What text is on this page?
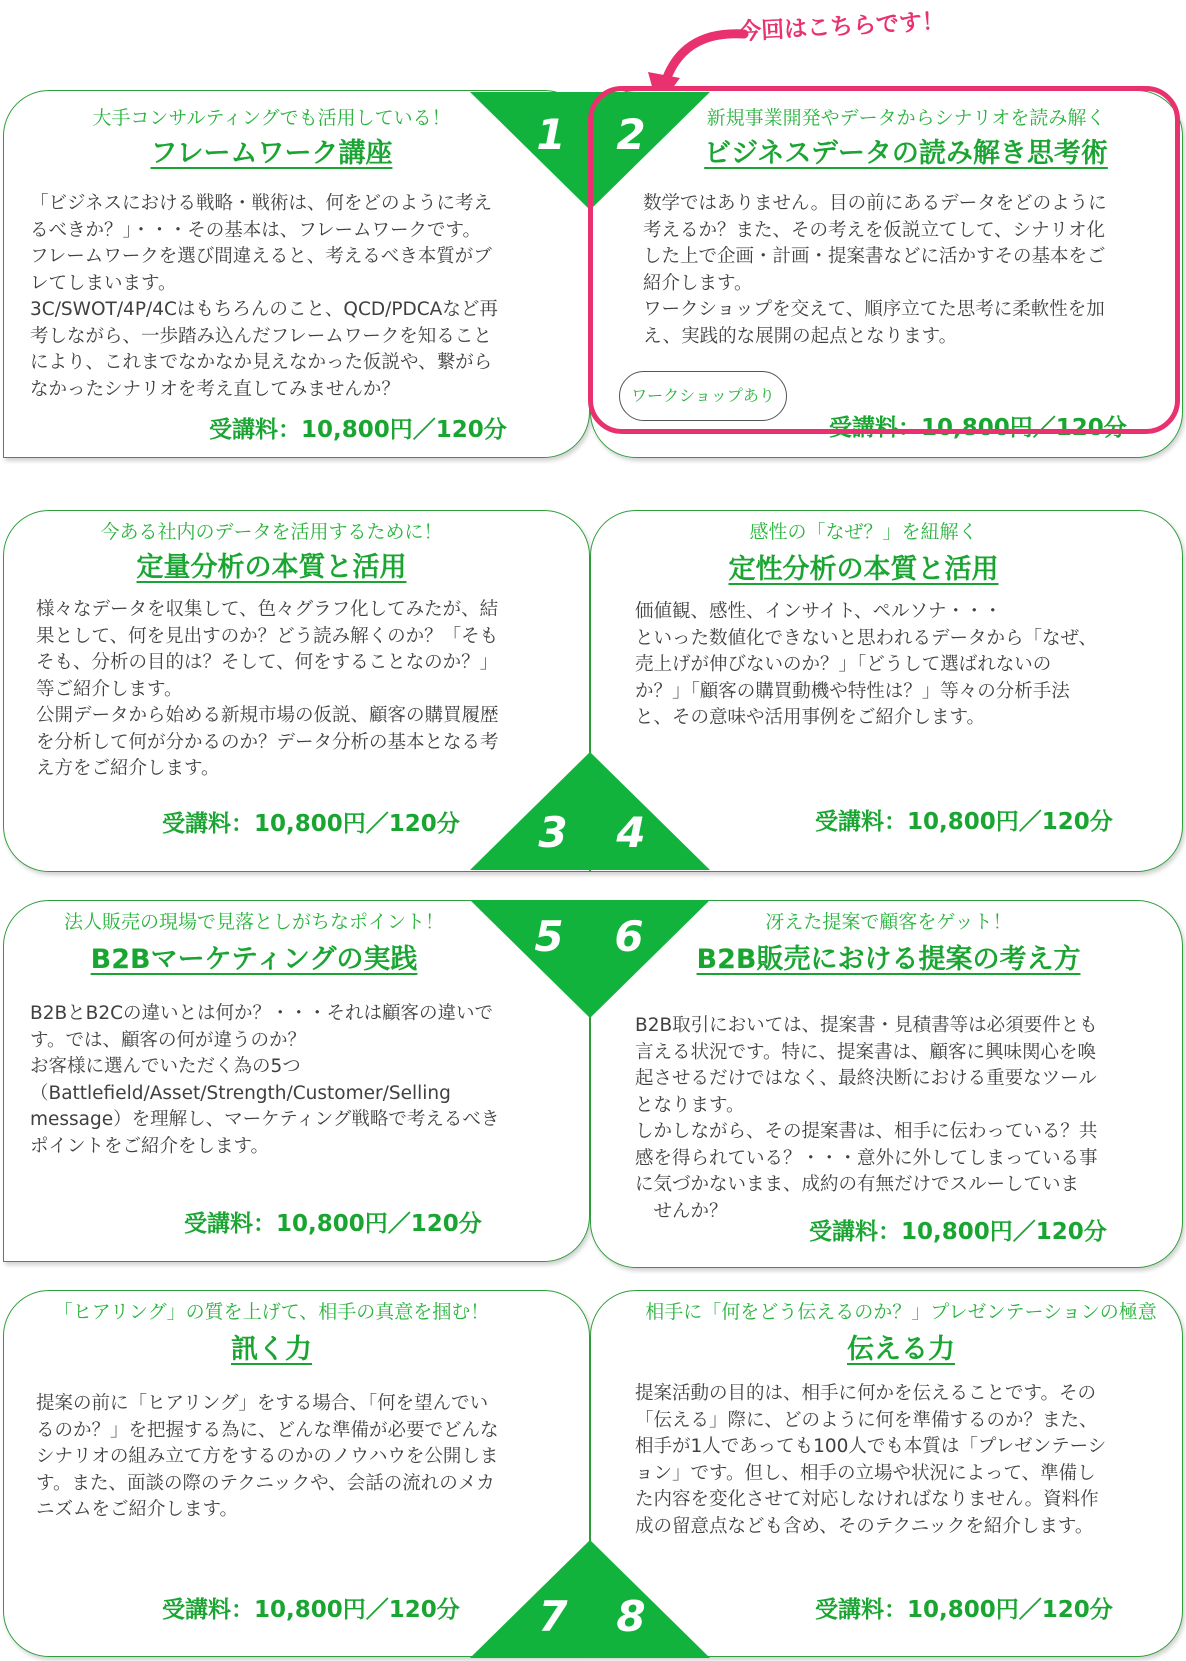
今回はこちらです！
大手コンサルティングでも活用している！
フレームワーク講座
「ビジネスにおける戦略・戦術は、何をどのように考え
るべきか？」・・・その基本は、フレームワークです。
フレームワークを選び間違えると、考えるべき本質がブ
レてしまいます。
3C/SWOT/4P/4Cはもちろんのこと、QCD/PDCAなど再
考しながら、一歩踏み込んだフレームワークを知ること
により、これまでなかなか見えなかった仮説や、繋がら
なかったシナリオを考え直してみませんか？
受講料：10,800円／120分
新規事業開発やデータからシナリオを読み解く
ビジネスデータの読み解き思考術
数学ではありません。目の前にあるデータをどのように
考えるか？また、その考えを仮説立てして、シナリオ化
した上で企画・計画・提案書などに活かすその基本をご
紹介します。
ワークショップを交えて、順序立てた思考に柔軟性を加
え、実践的な展開の起点となります。
ワークショップあり
受講料：10,800円／120分
1 2
今ある社内のデータを活用するために！
定量分析の本質と活用
様々なデータを収集して、色々グラフ化してみたが、結
果として、何を見出すのか？どう読み解くのか？「そも
そも、分析の目的は？そして、何をすることなのか？」
等ご紹介します。
公開データから始める新規市場の仮説、顧客の購買履歴
を分析して何が分かるのか？データ分析の基本となる考
え方をご紹介します。
受講料：10,800円／120分
感性の「なぜ？」を紐解く
定性分析の本質と活用
価値観、感性、インサイト、ペルソナ・・・
といった数値化できないと思われるデータから「なぜ、
売上げが伸びないのか？」「どうして選ばれないの
か？」「顧客の購買動機や特性は？」等々の分析手法
と、その意味や活用事例をご紹介します。
受講料：10,800円／120分
3 4
法人販売の現場で見落としがちなポイント！
B2Bマーケティングの実践
B2BとB2Cの違いとは何か？・・・それは顧客の違いで
す。では、顧客の何が違うのか？
お客様に選んでいただく為の5つ
（Battlefield/Asset/Strength/Customer/Selling
message）を理解し、マーケティング戦略で考えるべき
ポイントをご紹介をします。
受講料：10,800円／120分
冴えた提案で顧客をゲット！
B2B販売における提案の考え方
B2B取引においては、提案書・見積書等は必須要件とも
言える状況です。特に、提案書は、顧客に興味関心を喚
起させるだけではなく、最終決断における重要なツール
となります。
しかしながら、その提案書は、相手に伝わっている？共
感を得られている？・・・意外に外してしまっている事
に気づかないまま、成約の有無だけでスルーしていま
　せんか？
受講料：10,800円／120分
5 6
「ヒアリング」の質を上げて、相手の真意を掴む！
訊く力
提案の前に「ヒアリング」をする場合、「何を望んでい
るのか？」を把握する為に、どんな準備が必要でどんな
シナリオの組み立て方をするのかのノウハウを公開しま
す。また、面談の際のテクニックや、会話の流れのメカ
ニズムをご紹介します。
受講料：10,800円／120分
相手に「何をどう伝えるのか？」プレゼンテーションの極意
伝える力
提案活動の目的は、相手に何かを伝えることです。その
「伝える」際に、どのように何を準備するのか？また、
相手が1人であっても100人でも本質は「プレゼンテーシ
ョン」です。但し、相手の立場や状況によって、準備し
た内容を変化させて対応しなければなりません。資料作
成の留意点なども含め、そのテクニックを紹介します。
受講料：10,800円／120分
7 8
